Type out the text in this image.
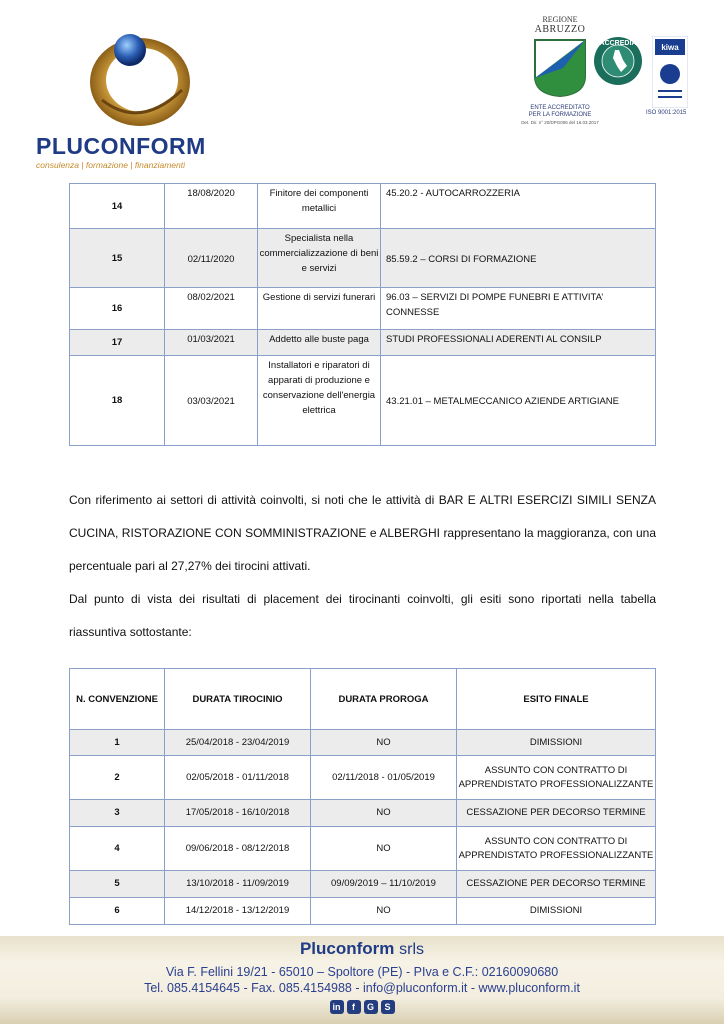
PLUCONFORM
consulenza | formazione | finanziamenti
REGIONE
ABRUZZO
ENTE ACCREDITATO
PER LA FORMAZIONE
Det. Dir. n° 20/DPG006 del 16.03.2017
ACCREDIA	kiwa
ISO 9001:2015
14	18/08/2020	Finitore dei componenti metallici	45.20.2 - AUTOCARROZZERIA
15	02/11/2020	Specialista nella commercializzazione di beni e servizi	85.59.2 – CORSI DI FORMAZIONE
16	08/02/2021	Gestione di servizi funerari	96.03 – SERVIZI DI POMPE FUNEBRI E ATTIVITA’ CONNESSE
17	01/03/2021	Addetto alle buste paga	STUDI PROFESSIONALI ADERENTI AL CONSILP
18	03/03/2021	Installatori e riparatori di apparati di produzione e conservazione dell'energia elettrica	43.21.01 – METALMECCANICO AZIENDE ARTIGIANE
Con riferimento ai settori di attività coinvolti, si noti che le attività di BAR E ALTRI ESERCIZI SIMILI SENZA CUCINA, RISTORAZIONE CON SOMMINISTRAZIONE e ALBERGHI rappresentano la maggioranza, con una percentuale pari al 27,27% dei tirocini attivati.
Dal punto di vista dei risultati di placement dei tirocinanti coinvolti, gli esiti sono riportati nella tabella riassuntiva sottostante:
N. CONVENZIONE	DURATA TIROCINIO	DURATA PROROGA	ESITO FINALE
1	25/04/2018 - 23/04/2019	NO	DIMISSIONI
2	02/05/2018 - 01/11/2018	02/11/2018 - 01/05/2019	ASSUNTO CON CONTRATTO DI APPRENDISTATO PROFESSIONALIZZANTE
3	17/05/2018 - 16/10/2018	NO	CESSAZIONE PER DECORSO TERMINE
4	09/06/2018 - 08/12/2018	NO	ASSUNTO CON CONTRATTO DI APPRENDISTATO PROFESSIONALIZZANTE
5	13/10/2018 - 11/09/2019	09/09/2019 – 11/10/2019	CESSAZIONE PER DECORSO TERMINE
6	14/12/2018 - 13/12/2019	NO	DIMISSIONI
Pluconform srls
Via F. Fellini 19/21 - 65010 – Spoltore (PE) - PIva e C.F.: 02160090680
Tel. 085.4154645 - Fax. 085.4154988 - info@pluconform.it - www.pluconform.it
in	f	G	S
